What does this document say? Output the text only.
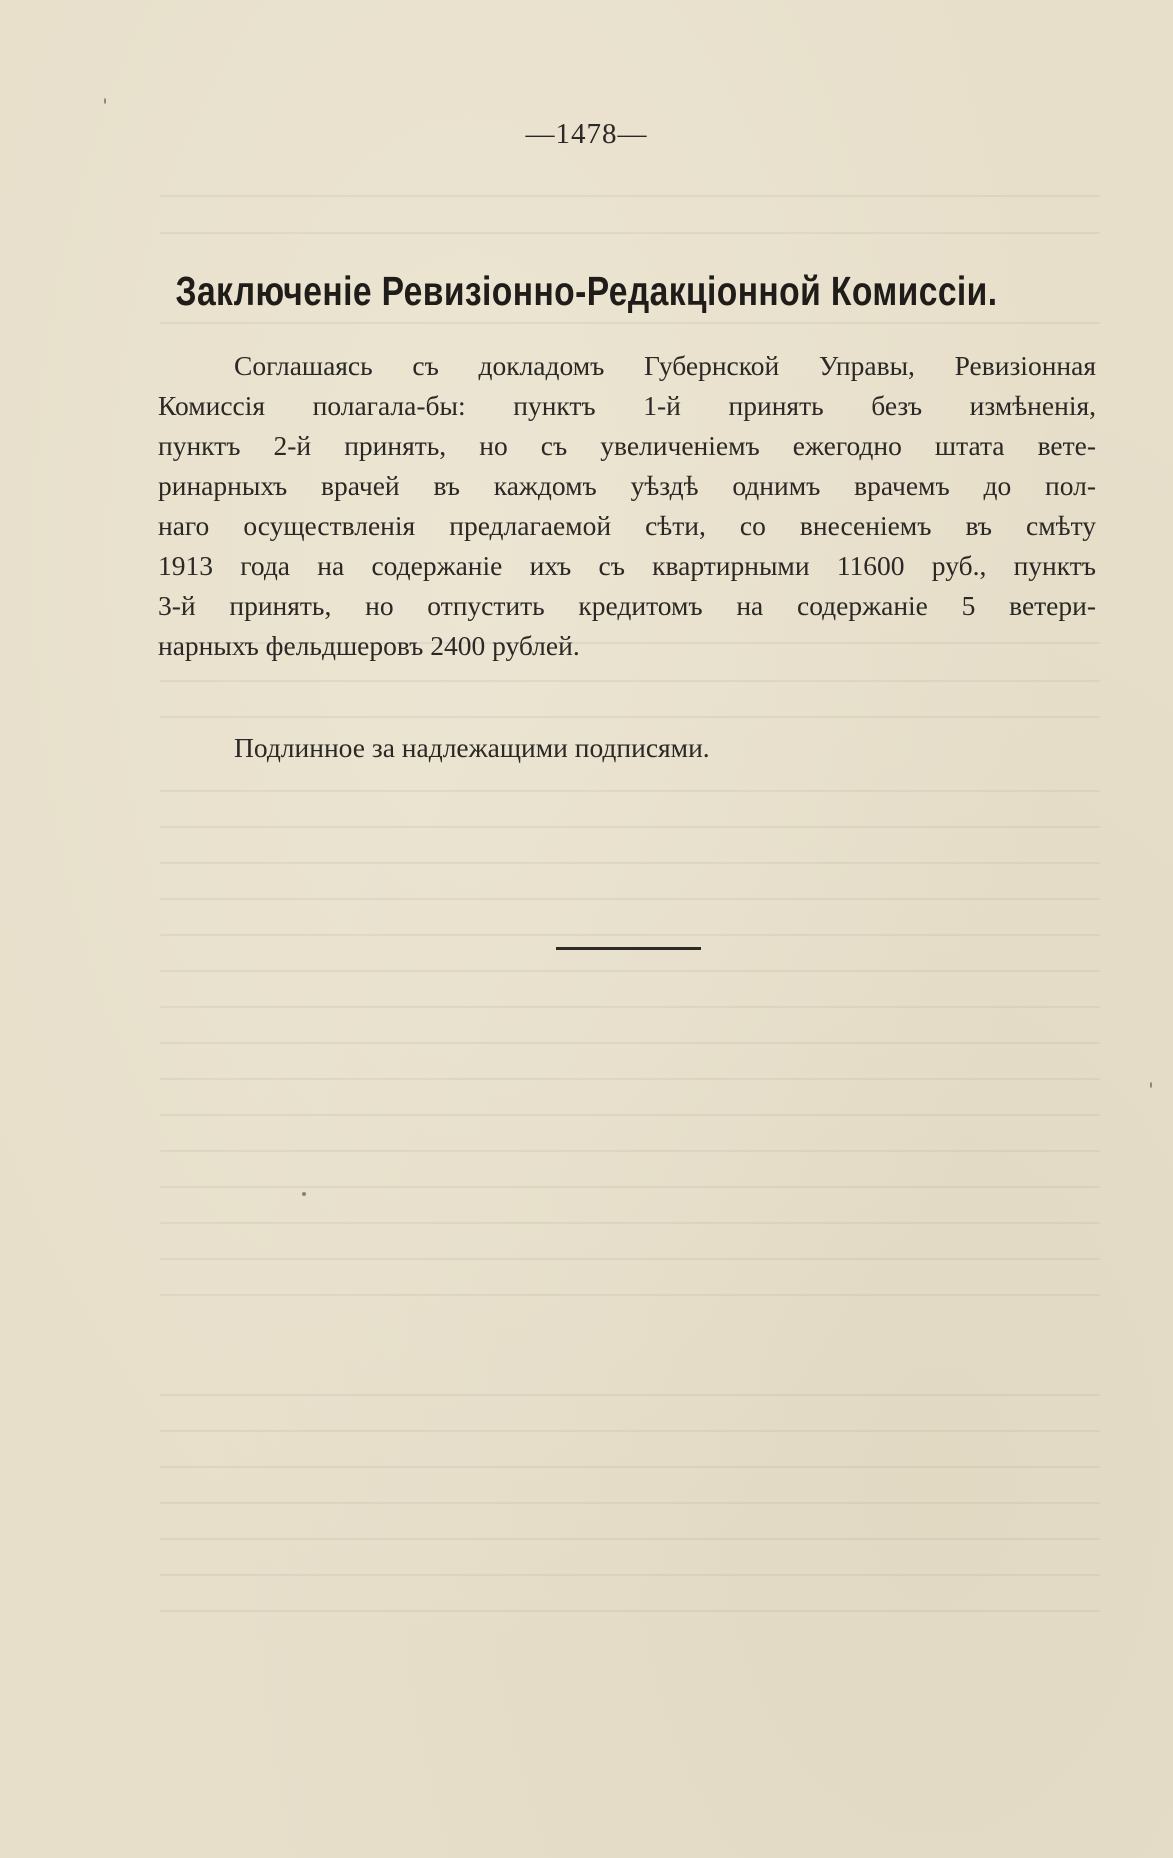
—1478—
Заключеніе Ревизіонно-Редакціонной Комиссіи.
Соглашаясь съ докладомъ Губернской Управы, Ревизіонная
Комиссія полагала-бы: пунктъ 1-й принять безъ измѣненія,
пунктъ 2-й принять, но съ увеличеніемъ ежегодно штата вете-
ринарныхъ врачей въ каждомъ уѣздѣ однимъ врачемъ до пол-
наго осуществленія предлагаемой сѣти, со внесеніемъ въ смѣту
1913 года на содержаніе ихъ съ квартирными 11600 руб., пунктъ
3-й принять, но отпустить кредитомъ на содержаніе 5 ветери-
нарныхъ фельдшеровъ 2400 рублей.
Подлинное за надлежащими подписями.
